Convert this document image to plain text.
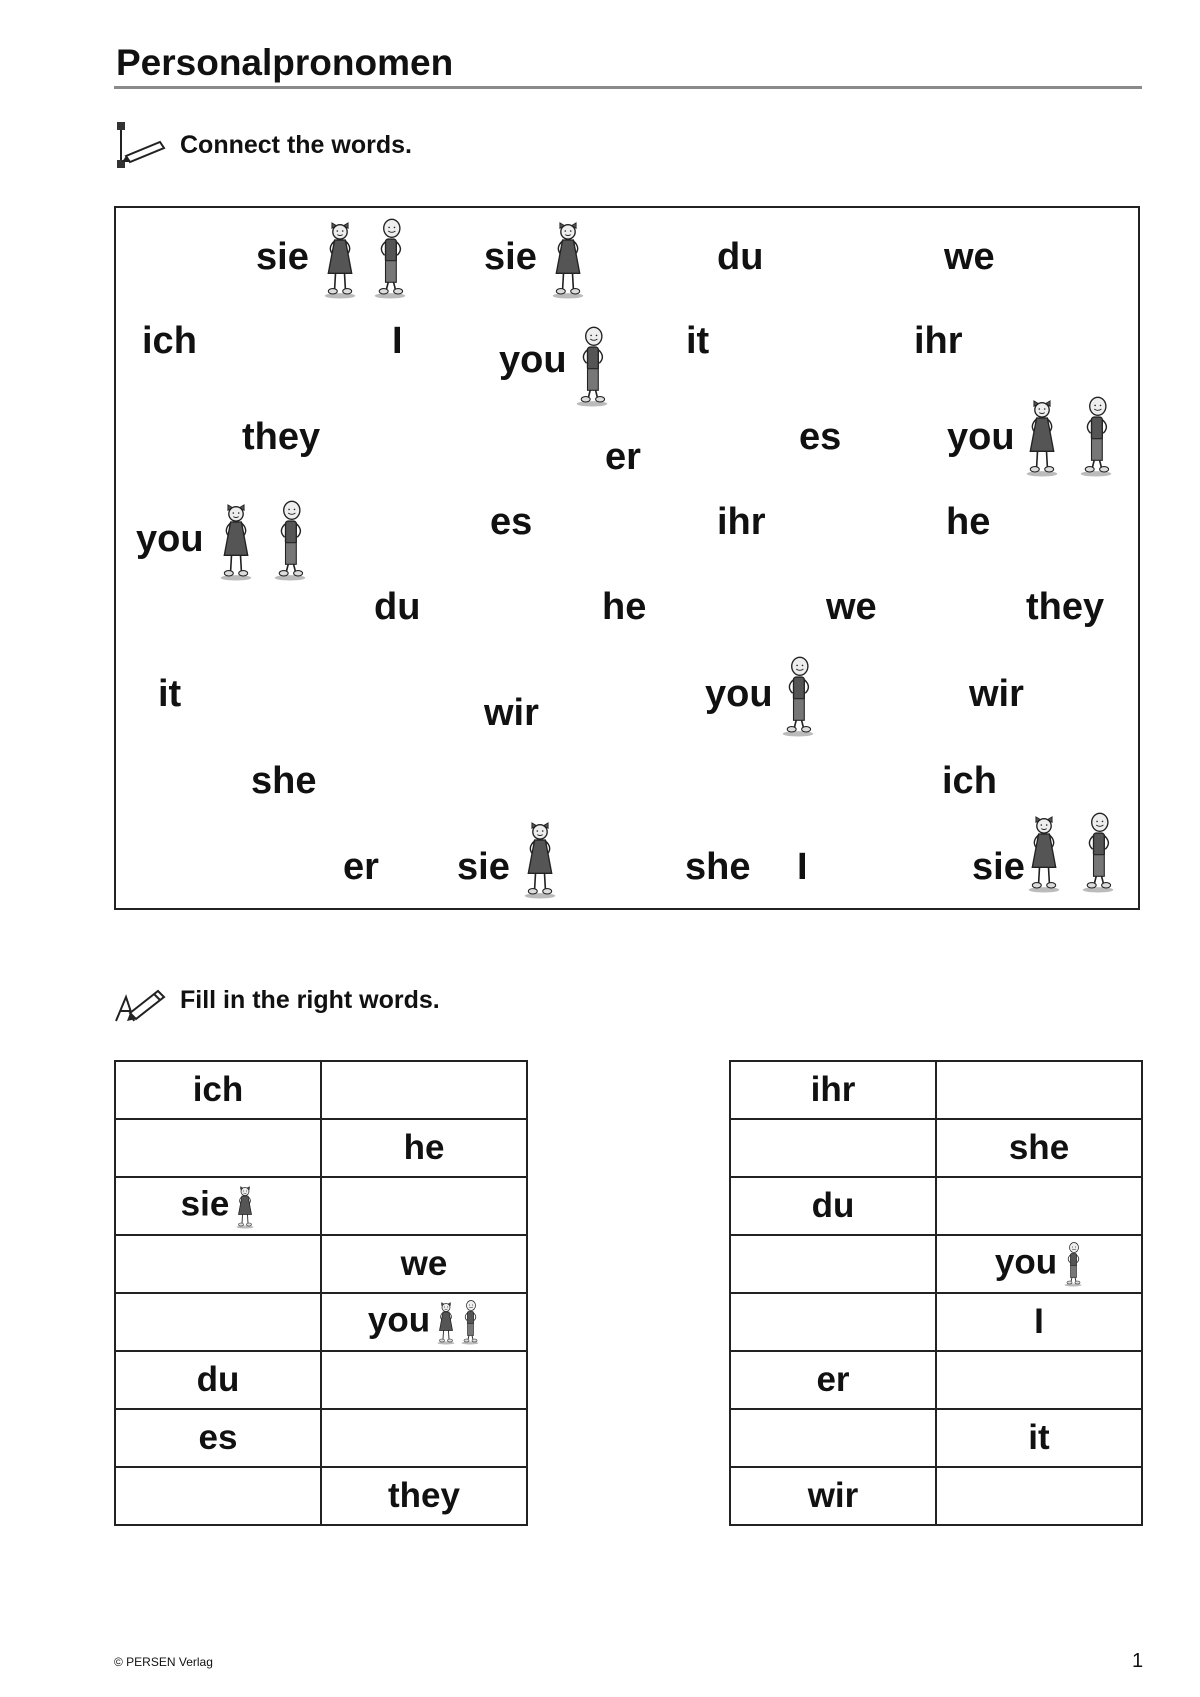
Personalpronomen
Connect the words.
sie	sie	du	we
ich	I	you	it	ihr
they	er	es	you
you	es	ihr	he
du	he	we	they
it	wir	you	wir
she	ich
er sie	she I	sie
Fill in the right words.
ich	
	he
sie	
	we
	you
du	
es	
	they
ihr	
	she
du	
	you
	I
er	
	it
wir	
© PERSEN Verlag	1
